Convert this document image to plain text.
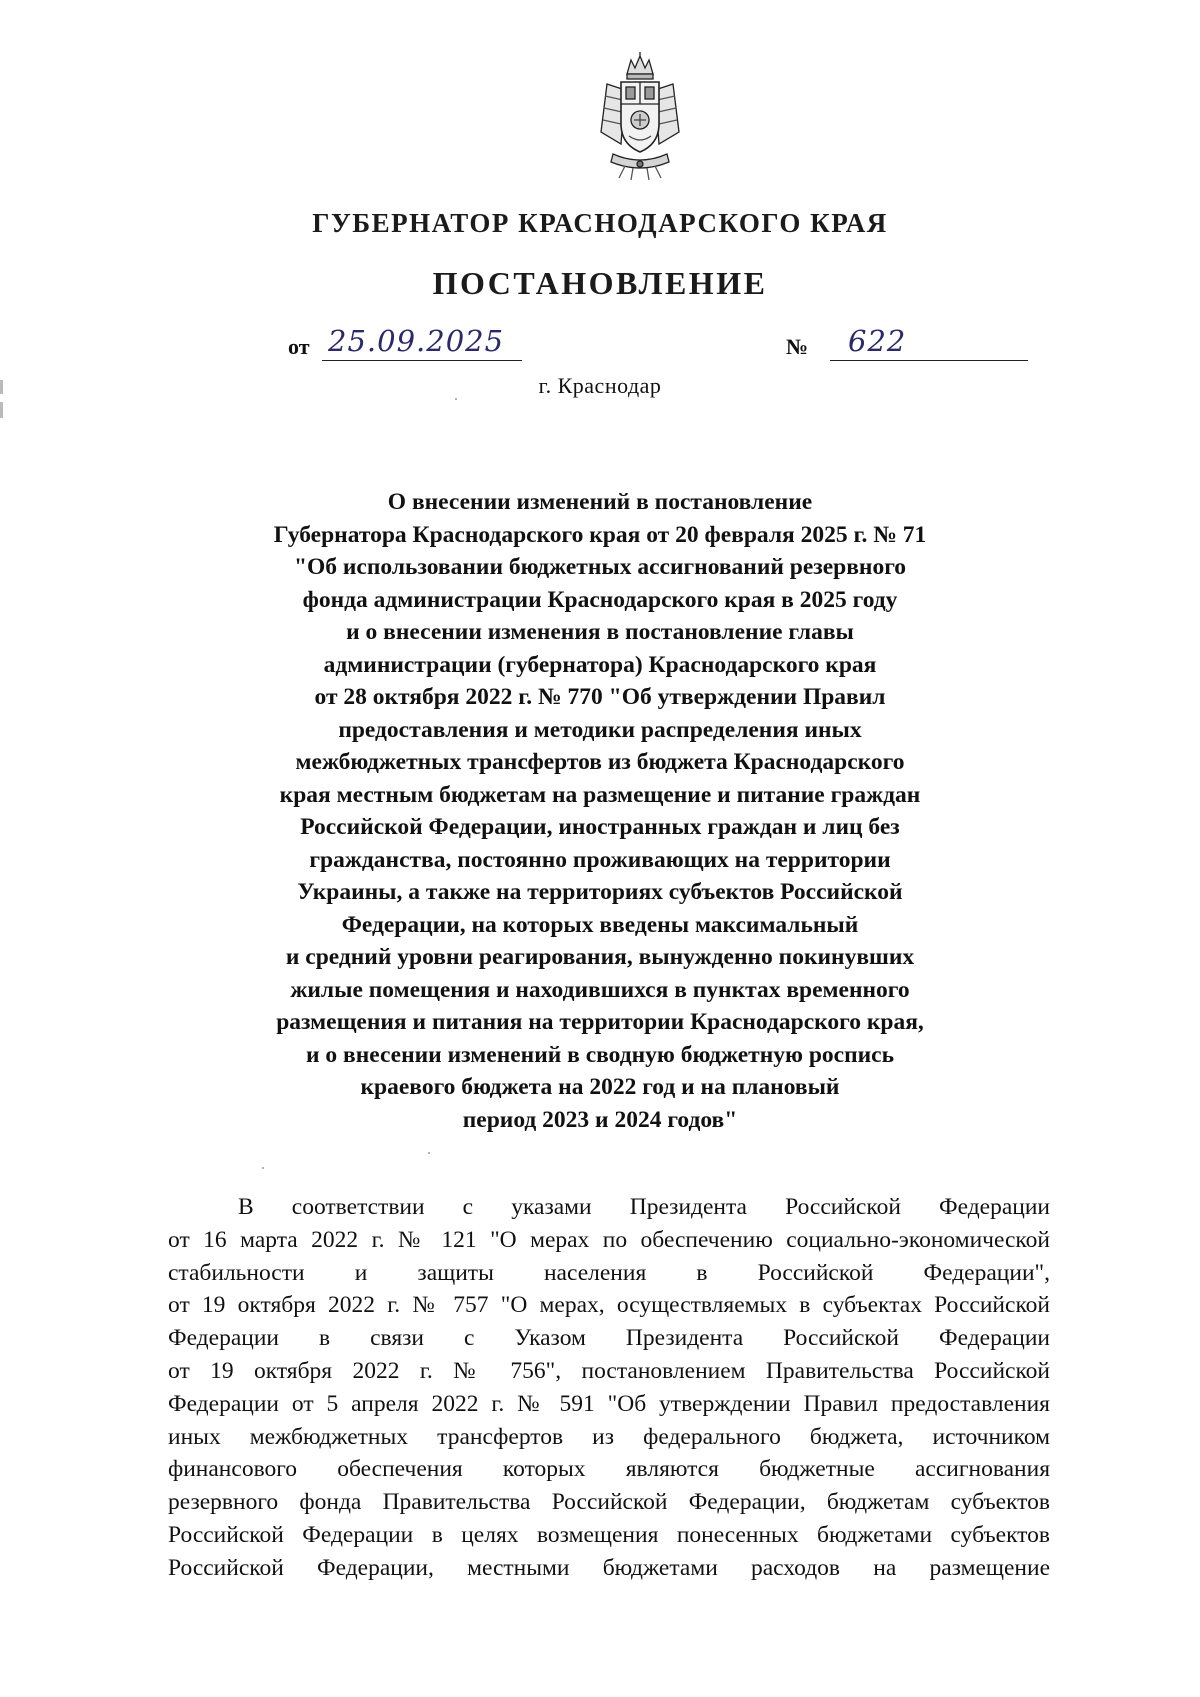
ГУБЕРНАТОР КРАСНОДАРСКОГО КРАЯ
ПОСТАНОВЛЕНИЕ
от 25.09.2025	№ 622
г. Краснодар
О внесении изменений в постановление
Губернатора Краснодарского края от 20 февраля 2025 г. № 71
"Об использовании бюджетных ассигнований резервного
фонда администрации Краснодарского края в 2025 году
и о внесении изменения в постановление главы
администрации (губернатора) Краснодарского края
от 28 октября 2022 г. № 770 "Об утверждении Правил
предоставления и методики распределения иных
межбюджетных трансфертов из бюджета Краснодарского
края местным бюджетам на размещение и питание граждан
Российской Федерации, иностранных граждан и лиц без
гражданства, постоянно проживающих на территории
Украины, а также на территориях субъектов Российской
Федерации, на которых введены максимальный
и средний уровни реагирования, вынужденно покинувших
жилые помещения и находившихся в пунктах временного
размещения и питания на территории Краснодарского края,
и о внесении изменений в сводную бюджетную роспись
краевого бюджета на 2022 год и на плановый
период 2023 и 2024 годов"
В соответствии с указами Президента Российской Федерации
от 16 марта 2022 г. № 121 "О мерах по обеспечению социально-экономической
стабильности и защиты населения в Российской Федерации",
от 19 октября 2022 г. № 757 "О мерах, осуществляемых в субъектах Российской
Федерации в связи с Указом Президента Российской Федерации
от 19 октября 2022 г. № 756", постановлением Правительства Российской
Федерации от 5 апреля 2022 г. № 591 "Об утверждении Правил предоставления
иных межбюджетных трансфертов из федерального бюджета, источником
финансового обеспечения которых являются бюджетные ассигнования
резервного фонда Правительства Российской Федерации, бюджетам субъектов
Российской Федерации в целях возмещения понесенных бюджетами субъектов
Российской Федерации, местными бюджетами расходов на размещение
